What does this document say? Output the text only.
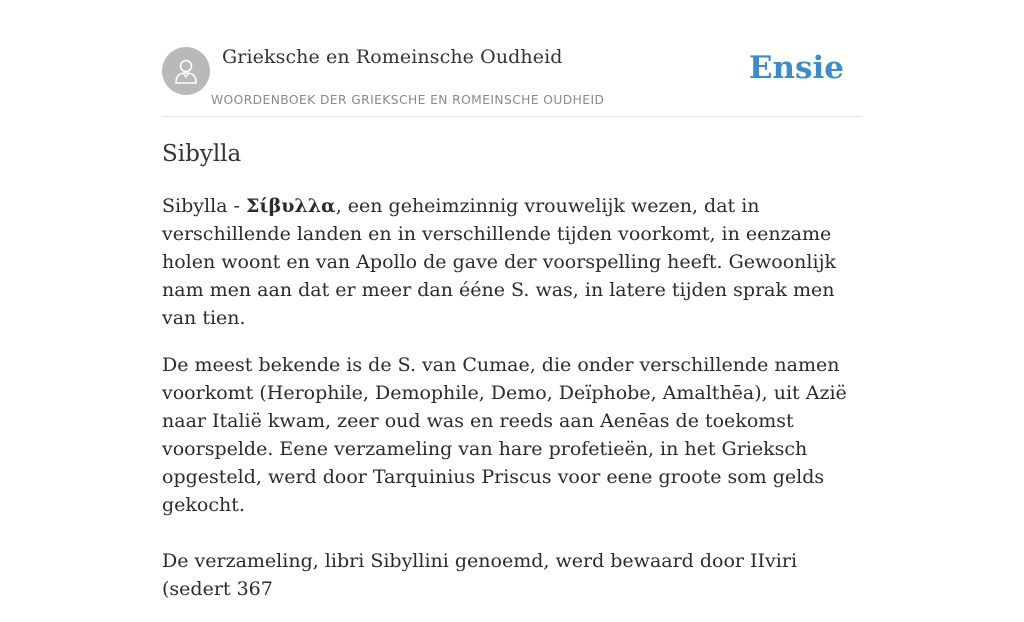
Grieksche en Romeinsche Oudheid
WOORDENBOEK DER GRIEKSCHE EN ROMEINSCHE OUDHEID
Ensie
Sibylla

Sibylla - Σίβυλλα, een geheimzinnig vrouwelijk wezen, dat in verschillende landen en in verschillende tijden voorkomt, in eenzame holen woont en van Apollo de gave der voorspelling heeft. Gewoonlijk nam men aan dat er meer dan éénе S. was, in latere tijden sprak men van tien.

De meest bekende is de S. van Cumae, die onder verschillende namen voorkomt (Herophile, Demophile, Demo, Deïphobe, Amalthēa), uit Azië naar Italië kwam, zeer oud was en reeds aan Aenēas de toekomst voorspelde. Eene verzameling van hare profetieën, in het Grieksch opgesteld, werd door Tarquinius Priscus voor eene groote som gelds gekocht.

De verzameling, libri Sibyllini genoemd, werd bewaard door IIviri (sedert 367
